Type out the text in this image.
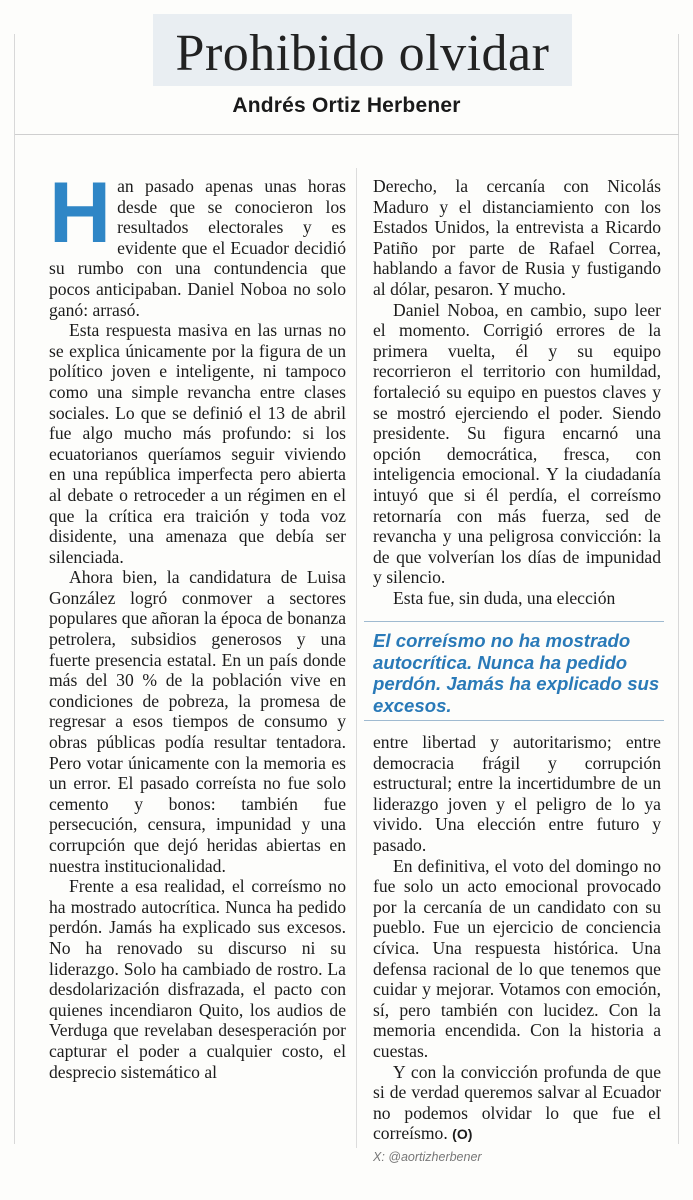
Prohibido olvidar
Andrés Ortiz Herbener

Han pasado apenas unas horas desde que se conocieron los resultados electorales y es evidente que el Ecuador decidió su rumbo con una contundencia que pocos anticipaban. Daniel Noboa no solo ganó: arrasó.

Esta respuesta masiva en las urnas no se explica únicamente por la figura de un político joven e inteligente, ni tampoco como una simple revancha entre clases sociales. Lo que se definió el 13 de abril fue algo mucho más profundo: si los ecuatorianos queríamos seguir viviendo en una república imperfecta pero abierta al debate o retroceder a un régimen en el que la crítica era traición y toda voz disidente, una amenaza que debía ser silenciada.

Ahora bien, la candidatura de Luisa González logró conmover a sectores populares que añoran la época de bonanza petrolera, subsidios generosos y una fuerte presencia estatal. En un país donde más del 30 % de la población vive en condiciones de pobreza, la promesa de regresar a esos tiempos de consumo y obras públicas podía resultar tentadora. Pero votar únicamente con la memoria es un error. El pasado correísta no fue solo cemento y bonos: también fue persecución, censura, impunidad y una corrupción que dejó heridas abiertas en nuestra institucionalidad.

Frente a esa realidad, el correísmo no ha mostrado autocrítica. Nunca ha pedido perdón. Jamás ha explicado sus excesos. No ha renovado su discurso ni su liderazgo. Solo ha cambiado de rostro. La desdolarización disfrazada, el pacto con quienes incendiaron Quito, los audios de Verduga que revelaban desesperación por capturar el poder a cualquier costo, el desprecio sistemático al

Derecho, la cercanía con Nicolás Maduro y el distanciamiento con los Estados Unidos, la entrevista a Ricardo Patiño por parte de Rafael Correa, hablando a favor de Rusia y fustigando al dólar, pesaron. Y mucho.

Daniel Noboa, en cambio, supo leer el momento. Corrigió errores de la primera vuelta, él y su equipo recorrieron el territorio con humildad, fortaleció su equipo en puestos claves y se mostró ejerciendo el poder. Siendo presidente. Su figura encarnó una opción democrática, fresca, con inteligencia emocional. Y la ciudadanía intuyó que si él perdía, el correísmo retornaría con más fuerza, sed de revancha y una peligrosa convicción: la de que volverían los días de impunidad y silencio.

Esta fue, sin duda, una elección

El correísmo no ha mostrado autocrítica. Nunca ha pedido perdón. Jamás ha explicado sus excesos.

entre libertad y autoritarismo; entre democracia frágil y corrupción estructural; entre la incertidumbre de un liderazgo joven y el peligro de lo ya vivido. Una elección entre futuro y pasado.

En definitiva, el voto del domingo no fue solo un acto emocional provocado por la cercanía de un candidato con su pueblo. Fue un ejercicio de conciencia cívica. Una respuesta histórica. Una defensa racional de lo que tenemos que cuidar y mejorar. Votamos con emoción, sí, pero también con lucidez. Con la memoria encendida. Con la historia a cuestas.

Y con la convicción profunda de que si de verdad queremos salvar al Ecuador no podemos olvidar lo que fue el correísmo. (O)

X: @aortizherbener
